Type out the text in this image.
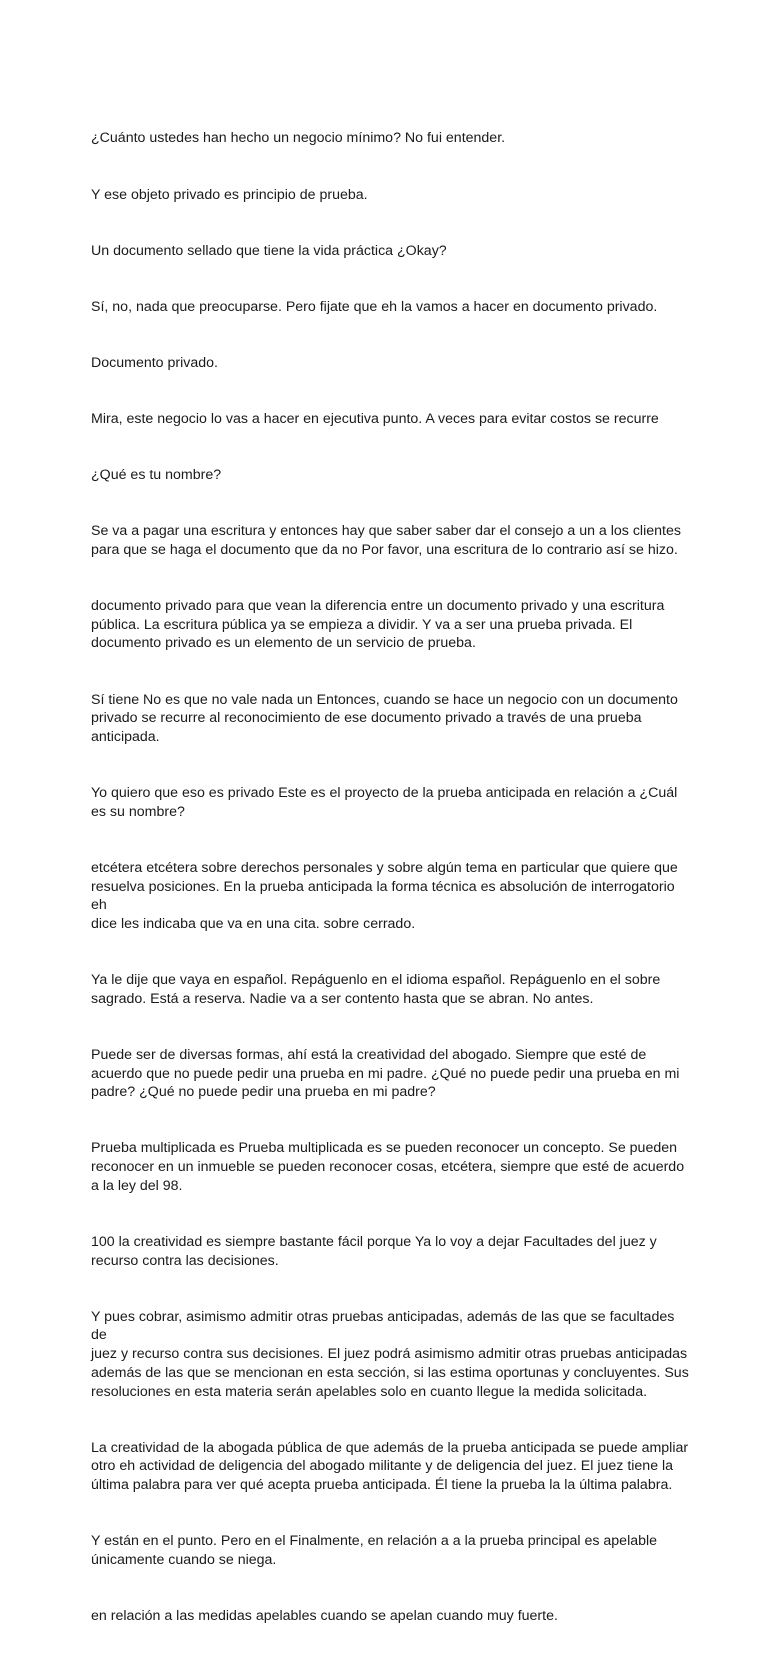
¿Cuánto ustedes han hecho un negocio mínimo? No fui entender.

Y ese objeto privado es principio de prueba.

Un documento sellado que tiene la vida práctica ¿Okay?

Sí, no, nada que preocuparse. Pero fijate que eh la vamos a hacer en documento privado.

Documento privado.

Mira, este negocio lo vas a hacer en ejecutiva punto. A veces para evitar costos se recurre

¿Qué es tu nombre?

Se va a pagar una escritura y entonces hay que saber saber dar el consejo a un a los clientes
para que se haga el documento que da no Por favor, una escritura de lo contrario así se hizo.

documento privado para que vean la diferencia entre un documento privado y una escritura
pública. La escritura pública ya se empieza a dividir. Y va a ser una prueba privada. El
documento privado es un elemento de un servicio de prueba.

Sí tiene No es que no vale nada un Entonces, cuando se hace un negocio con un documento
privado se recurre al reconocimiento de ese documento privado a través de una prueba
anticipada.

Yo quiero que eso es privado Este es el proyecto de la prueba anticipada en relación a ¿Cuál
es su nombre?

etcétera etcétera sobre derechos personales y sobre algún tema en particular que quiere que
resuelva posiciones. En la prueba anticipada la forma técnica es absolución de interrogatorio eh
dice les indicaba que va en una cita. sobre cerrado.

Ya le dije que vaya en español. Repáguenlo en el idioma español. Repáguenlo en el sobre
sagrado. Está a reserva. Nadie va a ser contento hasta que se abran. No antes.

Puede ser de diversas formas, ahí está la creatividad del abogado. Siempre que esté de
acuerdo que no puede pedir una prueba en mi padre. ¿Qué no puede pedir una prueba en mi
padre? ¿Qué no puede pedir una prueba en mi padre?

Prueba multiplicada es Prueba multiplicada es se pueden reconocer un concepto. Se pueden
reconocer en un inmueble se pueden reconocer cosas, etcétera, siempre que esté de acuerdo
a la ley del 98.

100 la creatividad es siempre bastante fácil porque Ya lo voy a dejar Facultades del juez y
recurso contra las decisiones.

Y pues cobrar, asimismo admitir otras pruebas anticipadas, además de las que se facultades de
juez y recurso contra sus decisiones. El juez podrá asimismo admitir otras pruebas anticipadas
además de las que se mencionan en esta sección, si las estima oportunas y concluyentes. Sus
resoluciones en esta materia serán apelables solo en cuanto llegue la medida solicitada.

La creatividad de la abogada pública de que además de la prueba anticipada se puede ampliar
otro eh actividad de deligencia del abogado militante y de deligencia del juez. El juez tiene la
última palabra para ver qué acepta prueba anticipada. Él tiene la prueba la la última palabra.

Y están en el punto. Pero en el Finalmente, en relación a a la prueba principal es apelable
únicamente cuando se niega.

en relación a las medidas apelables cuando se apelan cuando muy fuerte.
